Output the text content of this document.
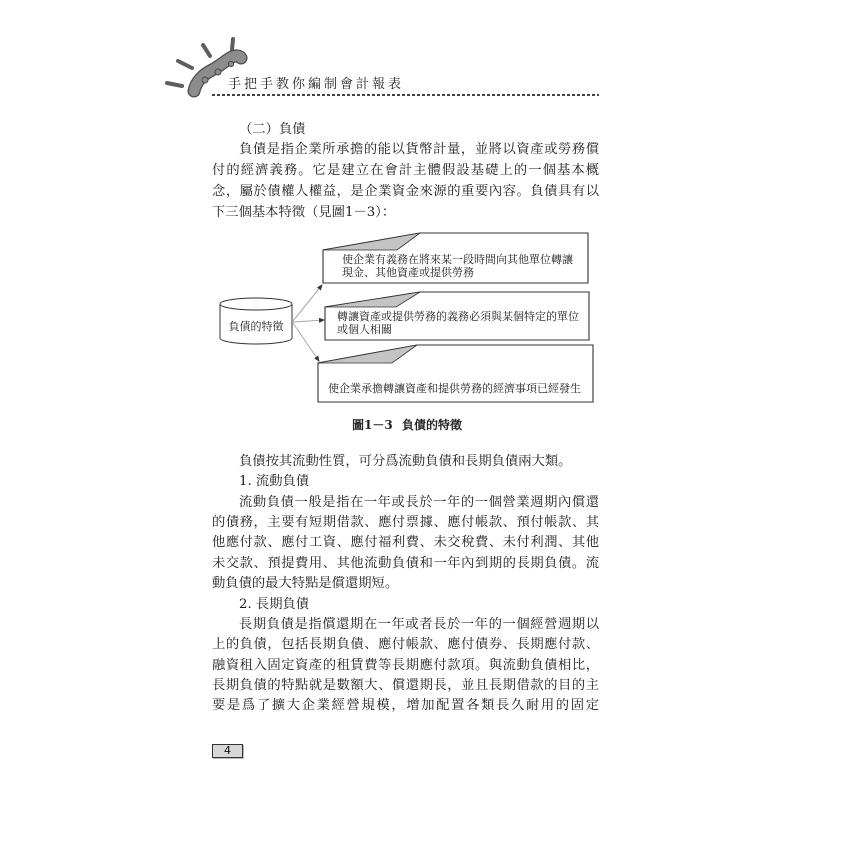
手把手教你編制會計報表
（二）負債
負債是指企業所承擔的能以貨幣計量，並將以資產或勞務償
付的經濟義務。它是建立在會計主體假設基礎上的一個基本概
念，屬於債權人權益，是企業資金來源的重要內容。負債具有以
下三個基本特徵（見圖1－3）：
負債的特徵
使企業有義務在將來某一段時間向其他單位轉讓
現金、其他資產或提供勞務
轉讓資產或提供勞務的義務必須與某個特定的單位
或個人相關
使企業承擔轉讓資產和提供勞務的經濟事項已經發生
圖1－3 負債的特徵
負債按其流動性質，可分爲流動負債和長期負債兩大類。
1. 流動負債
流動負債一般是指在一年或長於一年的一個營業週期內償還
的債務，主要有短期借款、應付票據、應付帳款、預付帳款、其
他應付款、應付工資、應付福利費、未交稅費、未付利潤、其他
未交款、預提費用、其他流動負債和一年內到期的長期負債。流
動負債的最大特點是償還期短。
2. 長期負債
長期負債是指償還期在一年或者長於一年的一個經營週期以
上的負債，包括長期負債、應付帳款、應付債券、長期應付款、
融資租入固定資產的租賃費等長期應付款項。與流動負債相比，
長期負債的特點就是數額大、償還期長，並且長期借款的目的主
要是爲了擴大企業經營規模，增加配置各類長久耐用的固定
4
